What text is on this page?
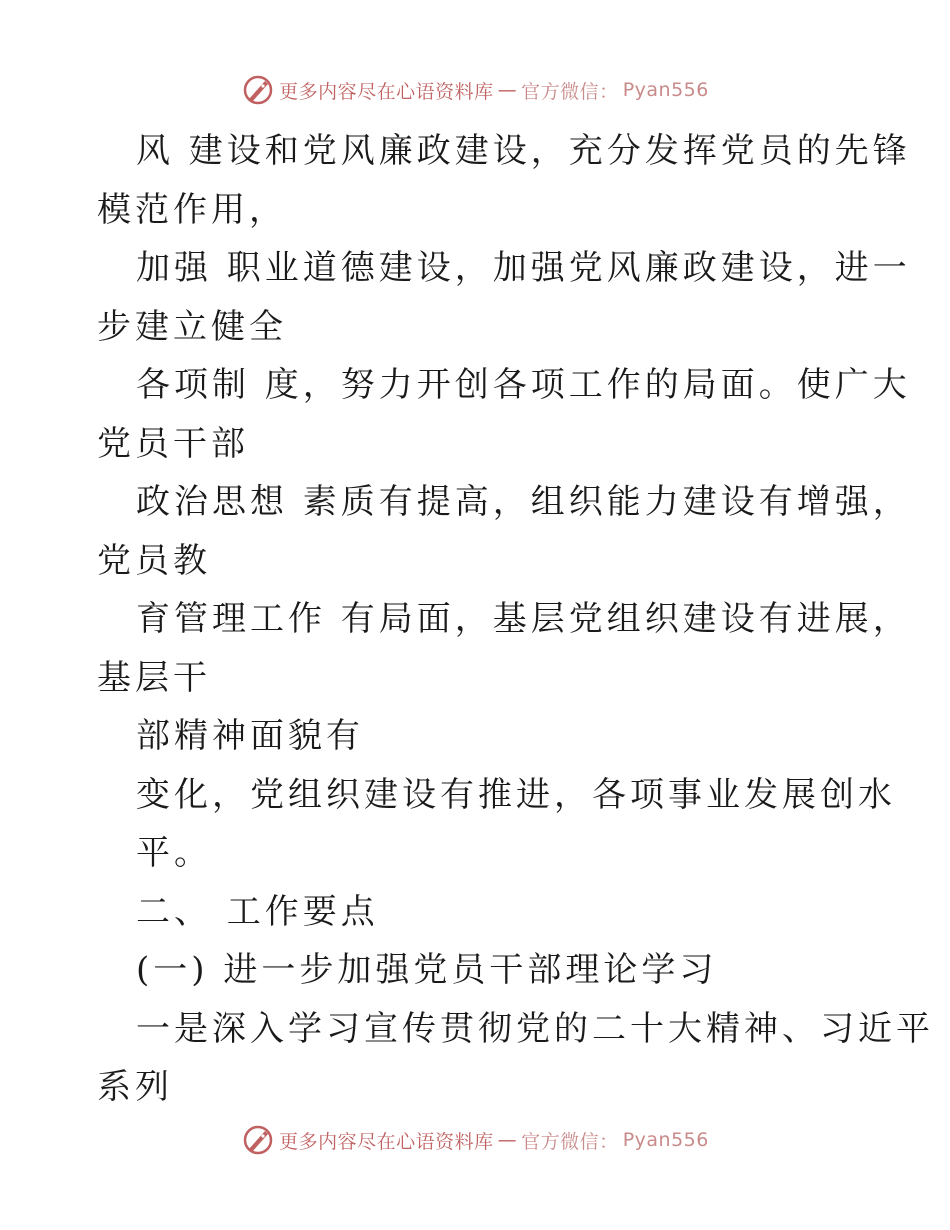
更多内容尽在心语资料库 — 官方微信： Pyan556
风 建设和党风廉政建设，充分发挥党员的先锋
模范作用，
加强 职业道德建设，加强党风廉政建设，进一
步建立健全
各项制 度，努力开创各项工作的局面。使广大
党员干部
政治思想 素质有提高，组织能力建设有增强，
党员教
育管理工作 有局面，基层党组织建设有进展，
基层干
部精神面貌有
变化，党组织建设有推进，各项事业发展创水
平。
二、 工作要点
(一) 进一步加强党员干部理论学习
一是深入学习宣传贯彻党的二十大精神、习近平
系列
更多内容尽在心语资料库 — 官方微信： Pyan556
